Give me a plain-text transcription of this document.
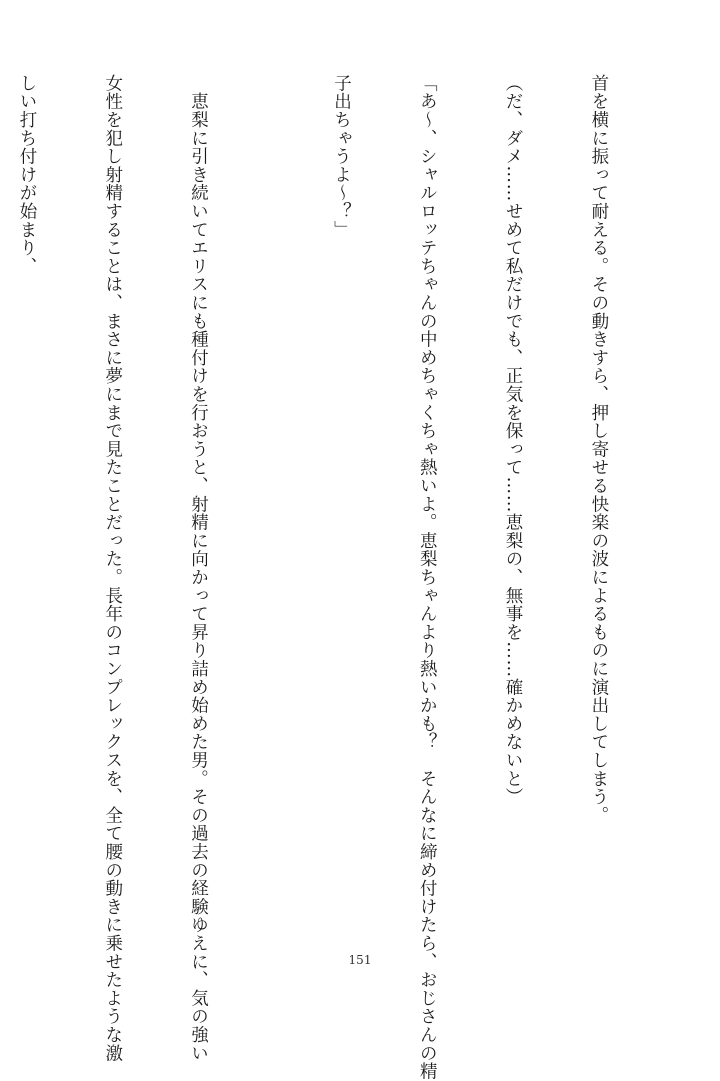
首を横に振って耐える。その動きすら、押し寄せる快楽の波によるものに演出してしまう。

（だ、ダメ……せめて私だけでも、正気を保って……恵梨の、無事を……確かめないと）

「あ～、シャルロッテちゃんの中めちゃくちゃ熱いよ。恵梨ちゃんより熱いかも？　そんなに締め付けたら、おじさんの精

子出ちゃうよ～？」

　恵梨に引き続いてエリスにも種付けを行おうと、射精に向かって昇り詰め始めた男。その過去の経験ゆえに、気の強い

女性を犯し射精することは、まさに夢にまで見たことだった。長年のコンプレックスを、全て腰の動きに乗せたような激

しい打ち付けが始まり、

151
